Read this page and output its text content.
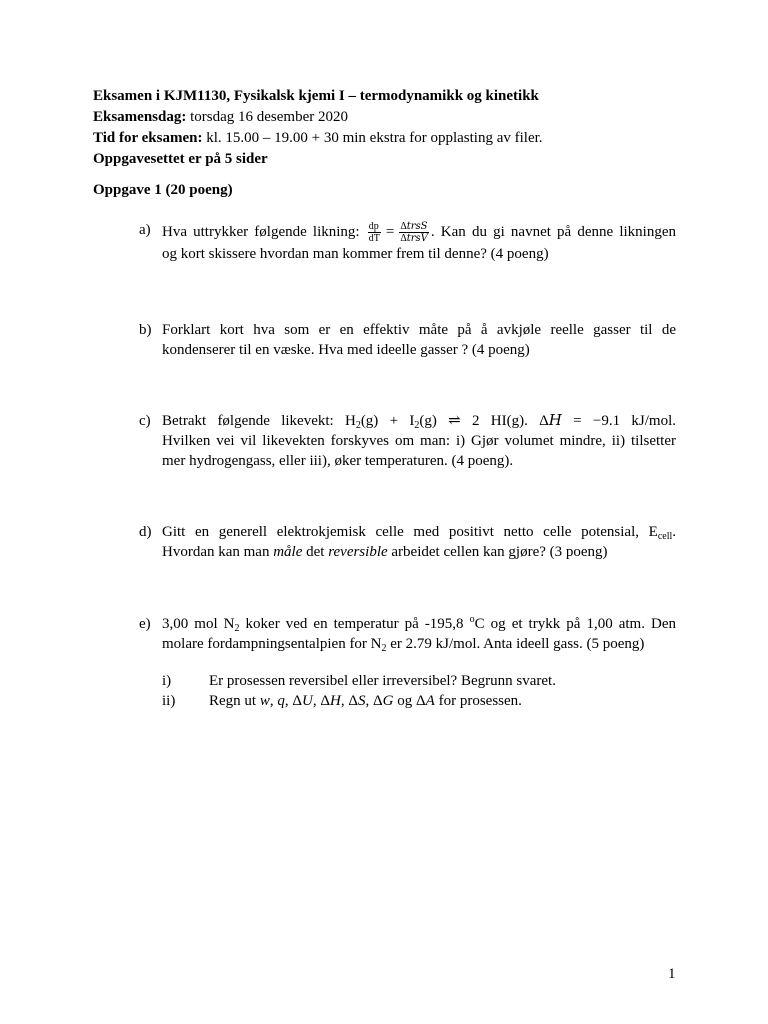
Eksamen i KJM1130, Fysikalsk kjemi I – termodynamikk og kinetikk
Eksamensdag: torsdag 16 desember 2020
Tid for eksamen: kl. 15.00 – 19.00 + 30 min ekstra for opplasting av filer.
Oppgavesettet er på 5 sider
Oppgave 1 (20 poeng)
a) Hva uttrykker følgende likning: $\frac{dp}{dT} = \frac{\text{Δ𝑡𝑟𝑠𝑆}}{\text{Δ𝑡𝑟𝑠𝑉}}$ . Kan du gi navnet på denne likningen
og kort skissere hvordan man kommer frem til denne? (4 poeng)
b) Forklart kort hva som er en effektiv måte på å avkjøle reelle gasser til de
kondenserer til en væske. Hva med ideelle gasser ? (4 poeng)
c) Betrakt følgende likevekt: $H_2(g) + I_2(g)$ ⇌ 2 HI(g). Δ𝐻 = −9.1 kJ/mol.
Hvilken vei vil likevekten forskyves om man: i) Gjør volumet mindre, ii) tilsetter
mer hydrogengass, eller iii), øker temperaturen. (4 poeng).
d) Gitt en generell elektrokjemisk celle med positivt netto celle potensial, $E_{cell}$.
Hvordan kan man måle det reversible arbeidet cellen kan gjøre? (3 poeng)
e) 3,00 mol $N_2$ koker ved en temperatur på -195,8 $^o$C og et trykk på 1,00 atm. Den
molare fordampningsentalpien for $N_2$ er 2.79 kJ/mol. Anta ideell gass. (5 poeng)
i)	Er prosessen reversibel eller irreversibel? Begrunn svaret.
ii) Regn ut w, q, ΔU, ΔH, ΔS, ΔG og ΔA for prosessen.
1
